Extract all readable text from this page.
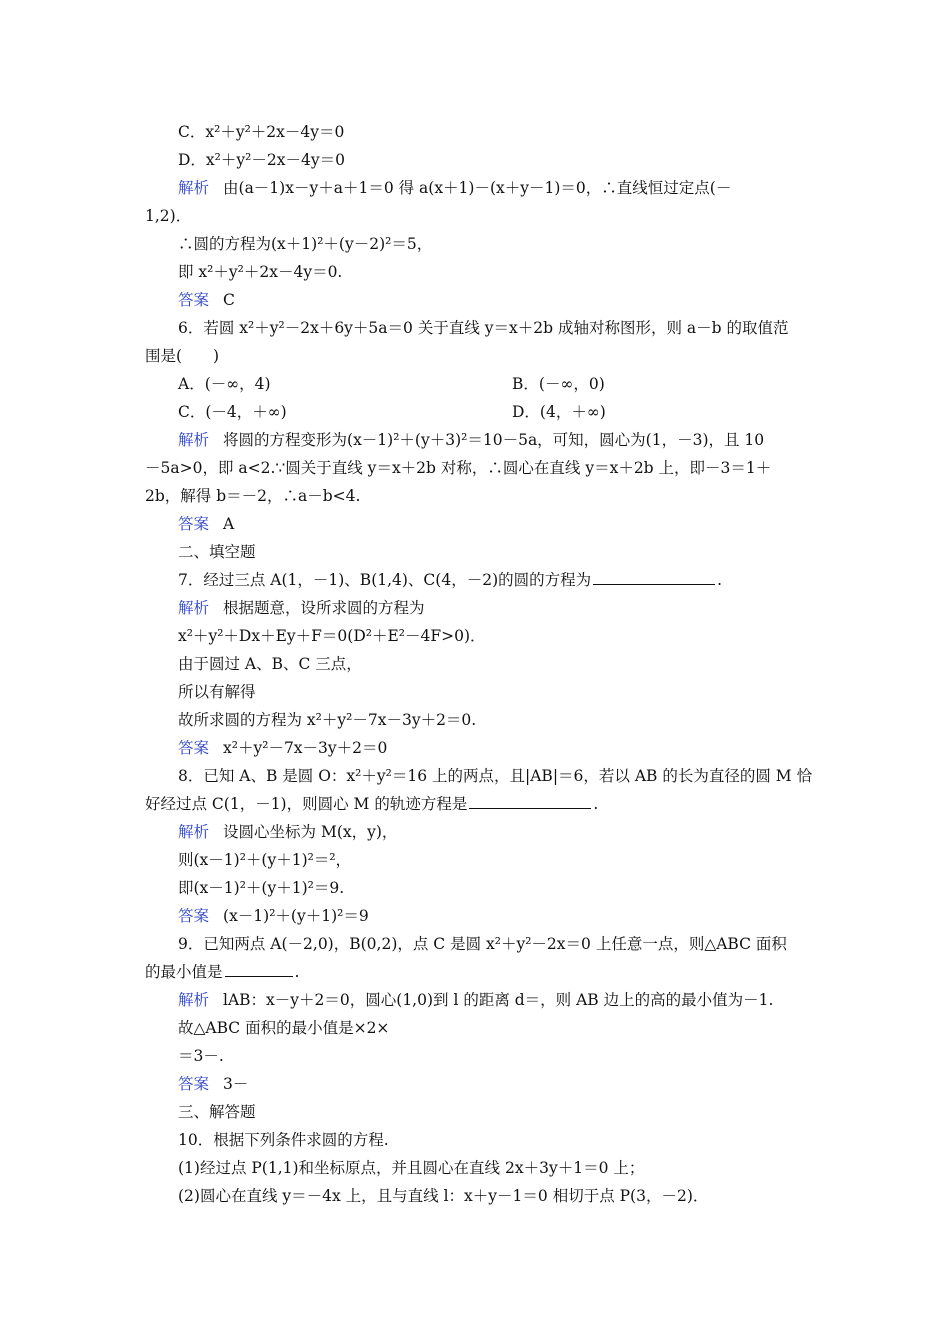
C．x²＋y²＋2x－4y＝0
D．x²＋y²－2x－4y＝0
解析 由(a－1)x－y＋a＋1＝0 得 a(x＋1)－(x＋y－1)＝0，∴直线恒过定点(－
1,2)．
∴圆的方程为(x＋1)²＋(y－2)²＝5，
即 x²＋y²＋2x－4y＝0.
答案 C
6．若圆 x²＋y²－2x＋6y＋5a＝0 关于直线 y＝x＋2b 成轴对称图形，则 a－b 的取值范
围是(　　)
A．(－∞，4)	B．(－∞，0)
C．(－4，＋∞)	D．(4，＋∞)
解析 将圆的方程变形为(x－1)²＋(y＋3)²＝10－5a，可知，圆心为(1，－3)，且 10
－5a>0，即 a<2.∵圆关于直线 y＝x＋2b 对称，∴圆心在直线 y＝x＋2b 上，即－3＝1＋
2b，解得 b＝－2，∴a－b<4.
答案 A
二、填空题
7．经过三点 A(1，－1)、B(1,4)、C(4，－2)的圆的方程为	.
解析 根据题意，设所求圆的方程为
x²＋y²＋Dx＋Ey＋F＝0(D²＋E²－4F>0)．
由于圆过 A、B、C 三点，
所以有解得
故所求圆的方程为 x²＋y²－7x－3y＋2＝0.
答案 x²＋y²－7x－3y＋2＝0
8．已知 A、B 是圆 O：x²＋y²＝16 上的两点，且|AB|＝6，若以 AB 的长为直径的圆 M 恰
好经过点 C(1，－1)，则圆心 M 的轨迹方程是	.
解析 设圆心坐标为 M(x，y)，
则(x－1)²＋(y＋1)²＝²，
即(x－1)²＋(y＋1)²＝9.
答案 (x－1)²＋(y＋1)²＝9
9．已知两点 A(－2,0)，B(0,2)，点 C 是圆 x²＋y²－2x＝0 上任意一点，则△ABC 面积
的最小值是	.
解析 lAB：x－y＋2＝0，圆心(1,0)到 l 的距离 d＝，则 AB 边上的高的最小值为－1.
故△ABC 面积的最小值是×2×
＝3－.
答案 3－
三、解答题
10．根据下列条件求圆的方程.
(1)经过点 P(1,1)和坐标原点，并且圆心在直线 2x＋3y＋1＝0 上；
(2)圆心在直线 y＝－4x 上，且与直线 l：x＋y－1＝0 相切于点 P(3，－2)．
